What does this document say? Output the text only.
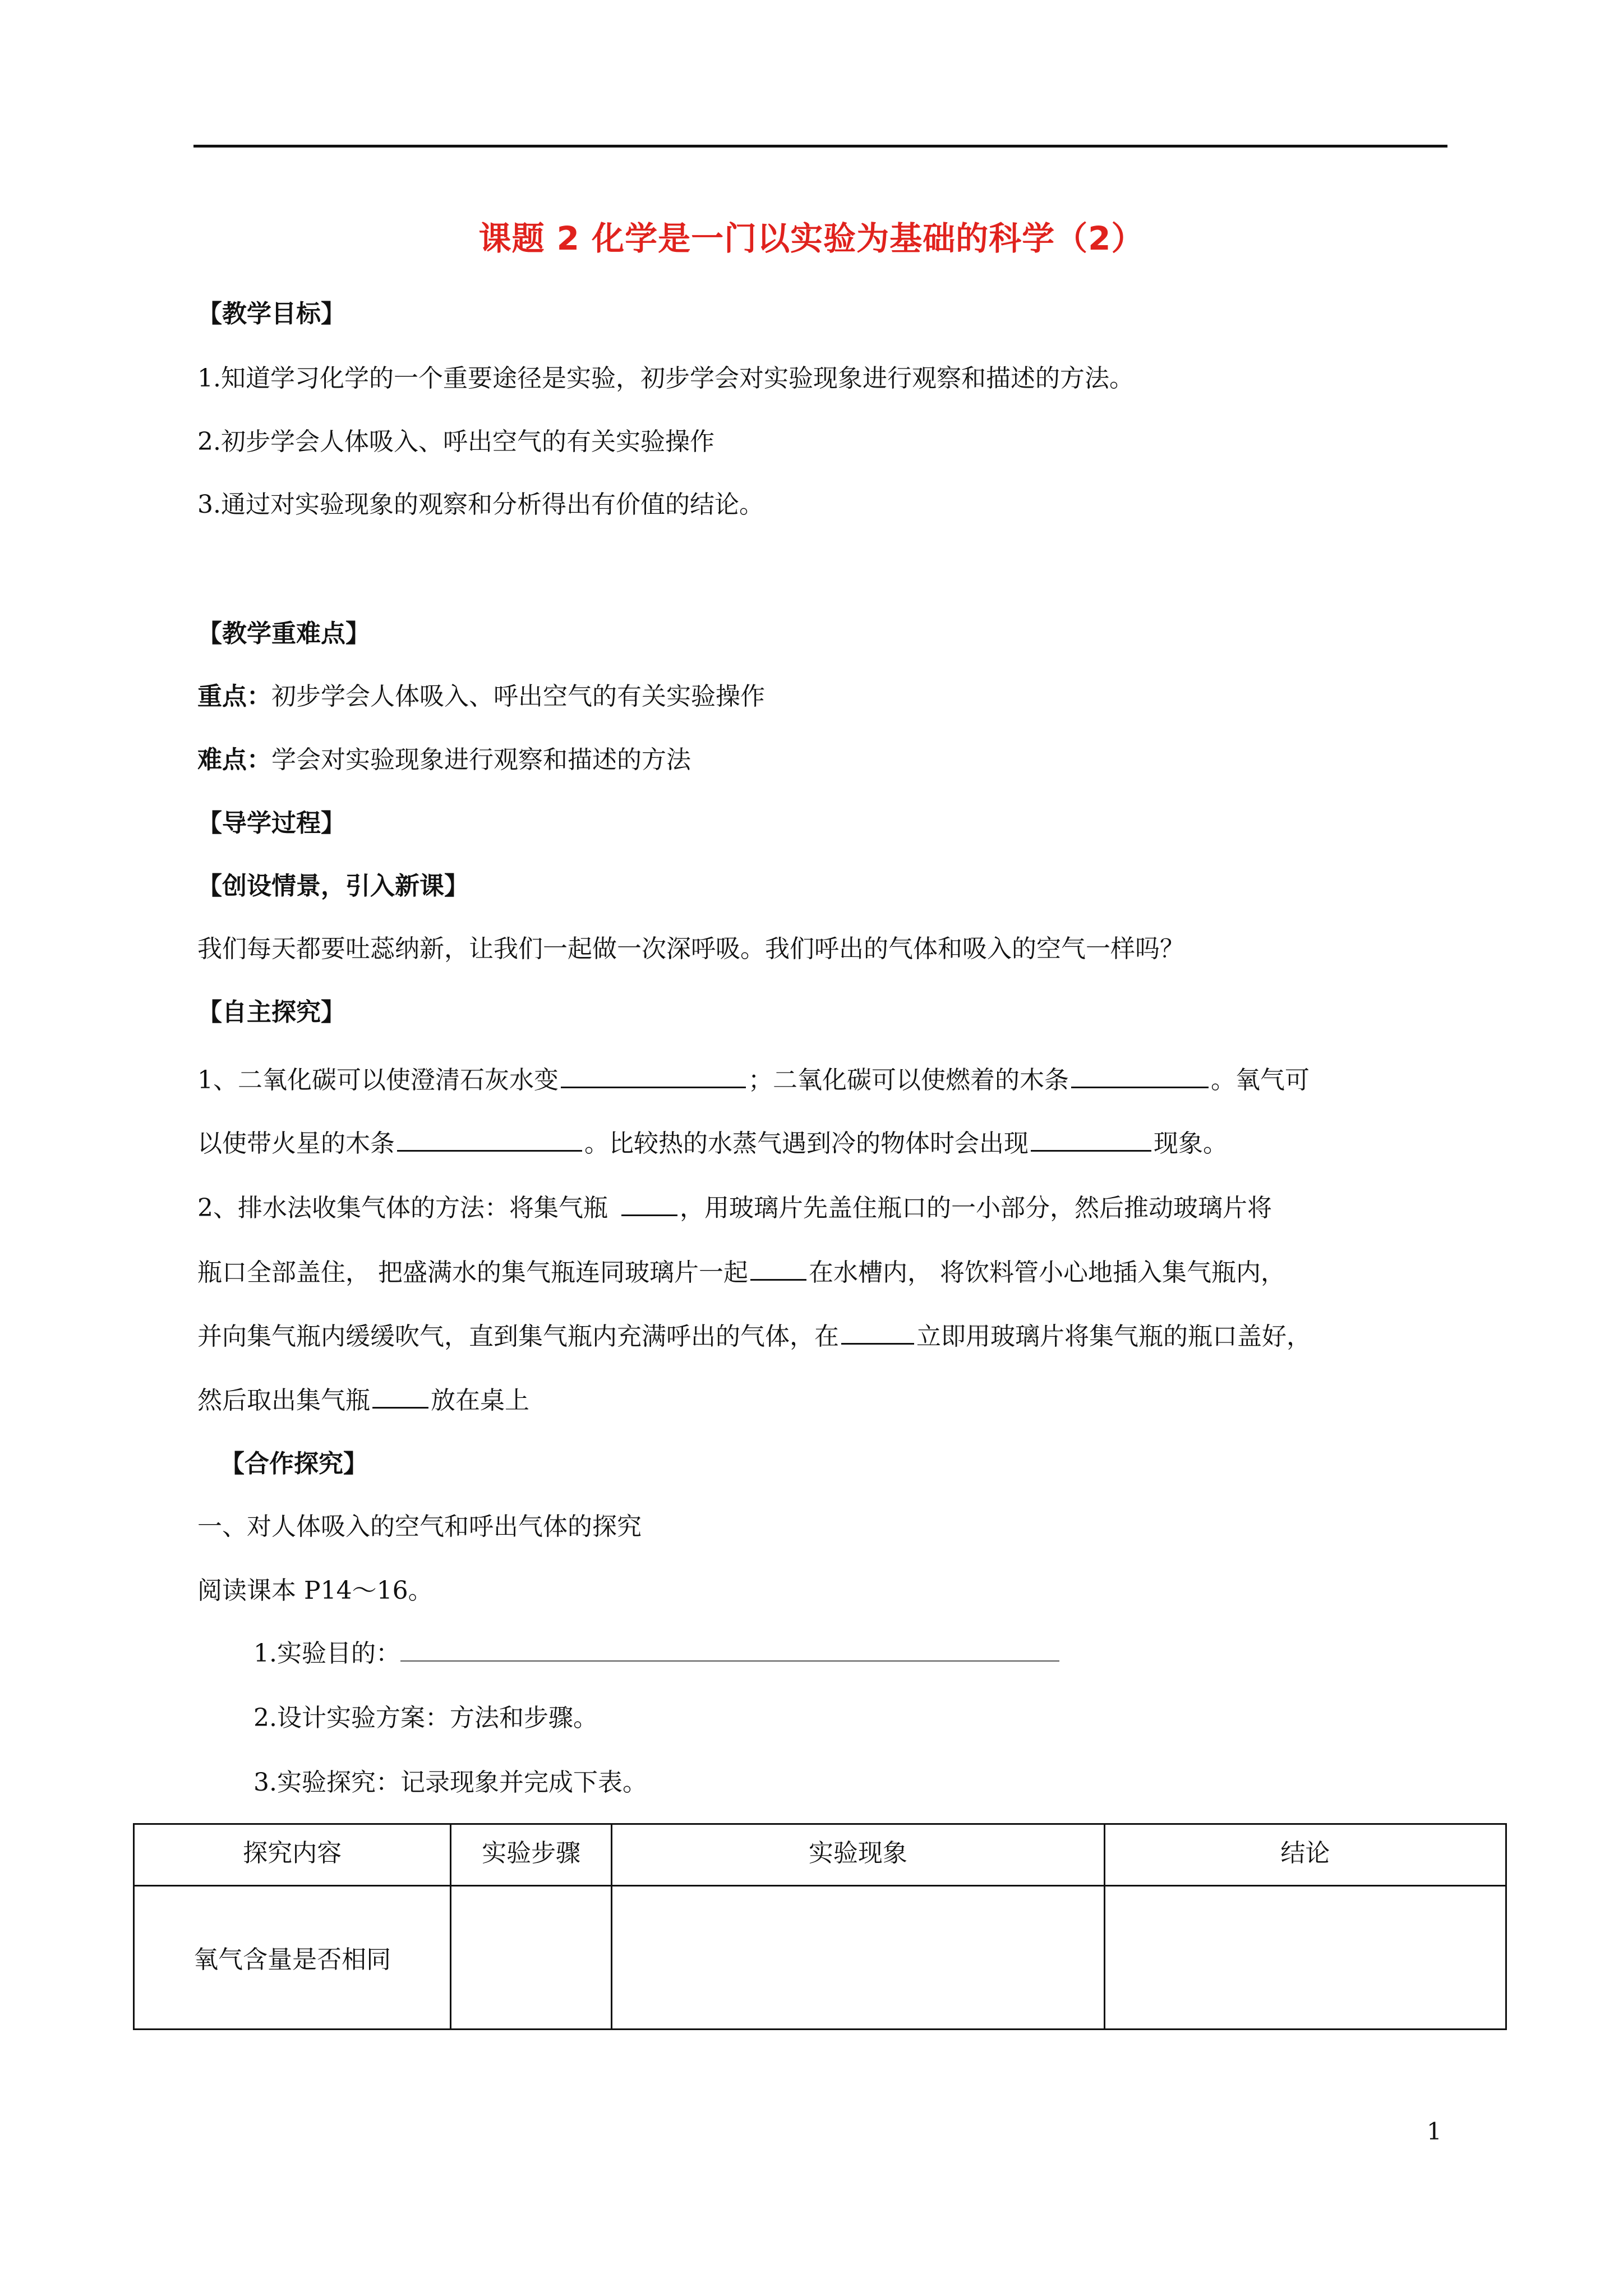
课题 2 化学是一门以实验为基础的科学（2）
【教学目标】
1.知道学习化学的一个重要途径是实验，初步学会对实验现象进行观察和描述的方法。
2.初步学会人体吸入、呼出空气的有关实验操作
3.通过对实验现象的观察和分析得出有价值的结论。
【教学重难点】
重点：初步学会人体吸入、呼出空气的有关实验操作
难点：学会对实验现象进行观察和描述的方法
【导学过程】
【创设情景，引入新课】
我们每天都要吐蕊纳新，让我们一起做一次深呼吸。我们呼出的气体和吸入的空气一样吗？
【自主探究】
1、二氧化碳可以使澄清石灰水变	；二氧化碳可以使燃着的木条	。氧气可
以使带火星的木条	。比较热的水蒸气遇到冷的物体时会出现	现象。
2、排水法收集气体的方法：将集气瓶	，用玻璃片先盖住瓶口的一小部分，然后推动玻璃片将
瓶口全部盖住， 把盛满水的集气瓶连同玻璃片一起 在水槽内， 将饮料管小心地插入集气瓶内，
并向集气瓶内缓缓吹气，直到集气瓶内充满呼出的气体，在	立即用玻璃片将集气瓶的瓶口盖好，
然后取出集气瓶 放在桌上
【合作探究】
一、对人体吸入的空气和呼出气体的探究
阅读课本 P14～16。
1.实验目的：
2.设计实验方案：方法和步骤。
3.实验探究：记录现象并完成下表。
探究内容	实验步骤	实验现象	结论
氧气含量是否相同			
1
